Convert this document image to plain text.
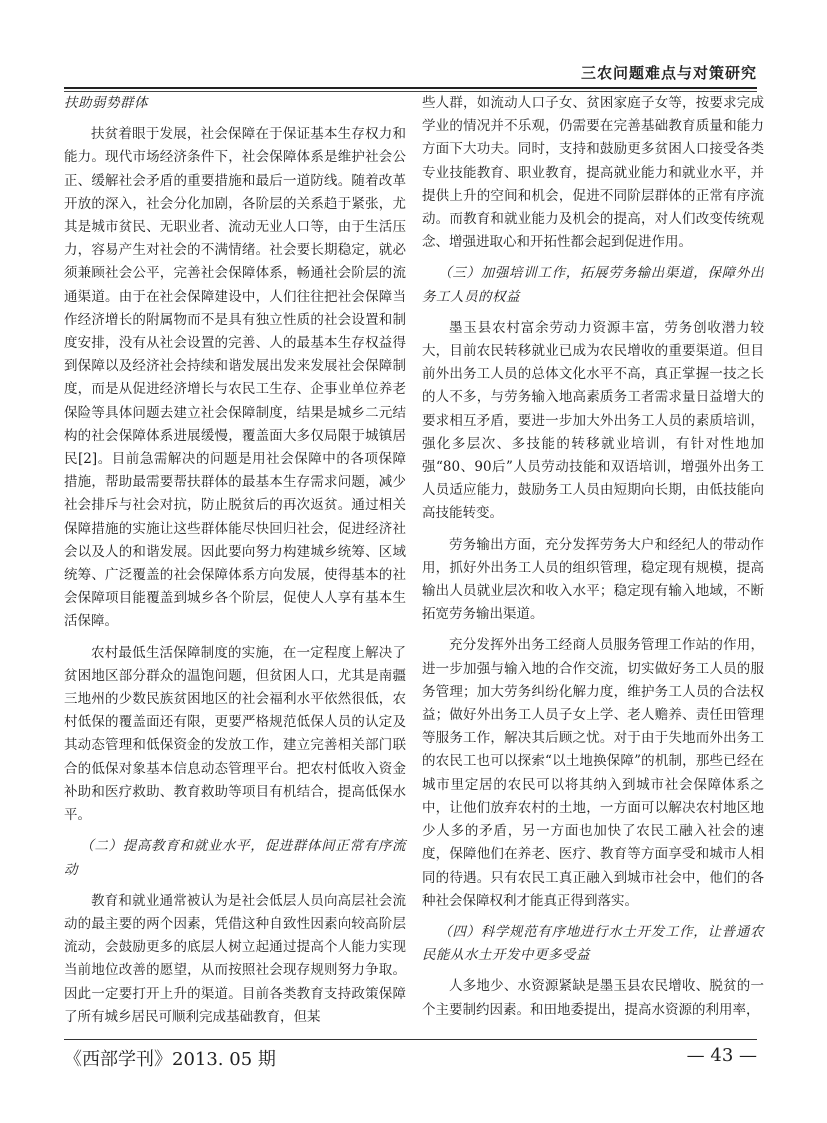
三农问题难点与对策研究

扶助弱势群体

扶贫着眼于发展，社会保障在于保证基本生存权力和能力。现代市场经济条件下，社会保障体系是维护社会公正、缓解社会矛盾的重要措施和最后一道防线。随着改革开放的深入，社会分化加剧，各阶层的关系趋于紧张，尤其是城市贫民、无职业者、流动无业人口等，由于生活压力，容易产生对社会的不满情绪。社会要长期稳定，就必须兼顾社会公平，完善社会保障体系，畅通社会阶层的流通渠道。由于在社会保障建设中，人们往往把社会保障当作经济增长的附属物而不是具有独立性质的社会设置和制度安排，没有从社会设置的完善、人的最基本生存权益得到保障以及经济社会持续和谐发展出发来发展社会保障制度，而是从促进经济增长与农民工生存、企事业单位养老保险等具体问题去建立社会保障制度，结果是城乡二元结构的社会保障体系进展缓慢，覆盖面大多仅局限于城镇居民[2]。目前急需解决的问题是用社会保障中的各项保障措施，帮助最需要帮扶群体的最基本生存需求问题，减少社会排斥与社会对抗，防止脱贫后的再次返贫。通过相关保障措施的实施让这些群体能尽快回归社会，促进经济社会以及人的和谐发展。因此要向努力构建城乡统筹、区域统筹、广泛覆盖的社会保障体系方向发展，使得基本的社会保障项目能覆盖到城乡各个阶层，促使人人享有基本生活保障。

农村最低生活保障制度的实施，在一定程度上解决了贫困地区部分群众的温饱问题，但贫困人口，尤其是南疆三地州的少数民族贫困地区的社会福利水平依然很低，农村低保的覆盖面还有限，更要严格规范低保人员的认定及其动态管理和低保资金的发放工作，建立完善相关部门联合的低保对象基本信息动态管理平台。把农村低收入资金补助和医疗救助、教育救助等项目有机结合，提高低保水平。

（二）提高教育和就业水平，促进群体间正常有序流动

教育和就业通常被认为是社会低层人员向高层社会流动的最主要的两个因素，凭借这种自致性因素向较高阶层流动，会鼓励更多的底层人树立起通过提高个人能力实现当前地位改善的愿望，从而按照社会现存规则努力争取。因此一定要打开上升的渠道。目前各类教育支持政策保障了所有城乡居民可顺利完成基础教育，但某

些人群，如流动人口子女、贫困家庭子女等，按要求完成学业的情况并不乐观，仍需要在完善基础教育质量和能力方面下大功夫。同时，支持和鼓励更多贫困人口接受各类专业技能教育、职业教育，提高就业能力和就业水平，并提供上升的空间和机会，促进不同阶层群体的正常有序流动。而教育和就业能力及机会的提高，对人们改变传统观念、增强进取心和开拓性都会起到促进作用。

（三）加强培训工作，拓展劳务输出渠道，保障外出务工人员的权益

墨玉县农村富余劳动力资源丰富，劳务创收潜力较大，目前农民转移就业已成为农民增收的重要渠道。但目前外出务工人员的总体文化水平不高，真正掌握一技之长的人不多，与劳务输入地高素质务工者需求量日益增大的要求相互矛盾，要进一步加大外出务工人员的素质培训，强化多层次、多技能的转移就业培训，有针对性地加强“80、90后”人员劳动技能和双语培训，增强外出务工人员适应能力，鼓励务工人员由短期向长期，由低技能向高技能转变。

劳务输出方面，充分发挥劳务大户和经纪人的带动作用，抓好外出务工人员的组织管理，稳定现有规模，提高输出人员就业层次和收入水平；稳定现有输入地域，不断拓宽劳务输出渠道。

充分发挥外出务工经商人员服务管理工作站的作用，进一步加强与输入地的合作交流，切实做好务工人员的服务管理；加大劳务纠纷化解力度，维护务工人员的合法权益；做好外出务工人员子女上学、老人赡养、责任田管理等服务工作，解决其后顾之忧。对于由于失地而外出务工的农民工也可以探索“以土地换保障”的机制，那些已经在城市里定居的农民可以将其纳入到城市社会保障体系之中，让他们放弃农村的土地，一方面可以解决农村地区地少人多的矛盾，另一方面也加快了农民工融入社会的速度，保障他们在养老、医疗、教育等方面享受和城市人相同的待遇。只有农民工真正融入到城市社会中，他们的各种社会保障权利才能真正得到落实。

（四）科学规范有序地进行水土开发工作，让普通农民能从水土开发中更多受益

人多地少、水资源紧缺是墨玉县农民增收、脱贫的一个主要制约因素。和田地委提出，提高水资源的利用率，

《西部学刊》2013. 05 期	— 43 —
